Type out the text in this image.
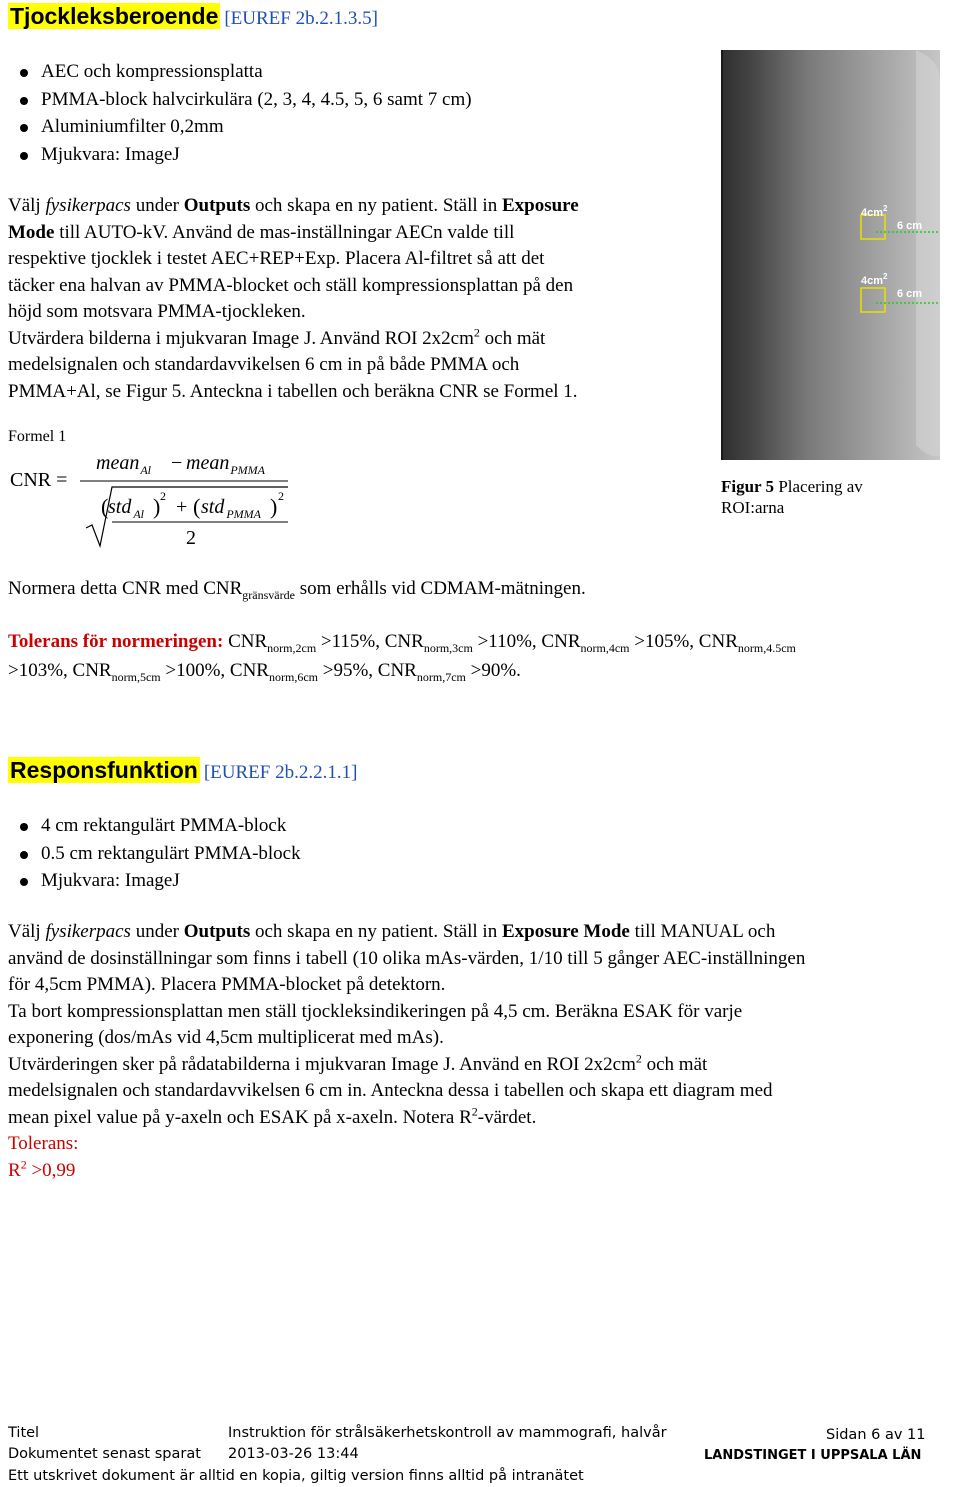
Tjockleksberoende [EUREF 2b.2.1.3.5]
AEC och kompressionsplatta
PMMA-block halvcirkulära (2, 3, 4, 4.5, 5, 6 samt 7 cm)
Aluminiumfilter 0,2mm
Mjukvara: ImageJ

Välj fysikerpacs under Outputs och skapa en ny patient. Ställ in Exposure

Mode till AUTO-kV. Använd de mas-inställningar AECn valde till

respektive tjocklek i testet AEC+REP+Exp. Placera Al-filtret så att det

täcker ena halvan av PMMA-blocket och ställ kompressionsplattan på den

höjd som motsvara PMMA-tjockleken.

Utvärdera bilderna i mjukvaran Image J. Använd ROI $2x2cm^2$ och mät

medelsignalen och standardavvikelsen 6 cm in på både PMMA och

PMMA+Al, se Figur 5. Anteckna i tabellen och beräkna CNR se Formel 1.

$4cm^2$
6 cm
$4cm^2$
6 cm
Figur 5 Placering av
ROI:arna
Formel 1
CNR =
mean$_{Al}$ − mean$_{PMMA}$
( std $_{Al}$ ) 2 + ( std $_{PMMA}$ ) 2
2
Normera detta CNR med $CNR_{gränsvärde}$ som erhålls vid CDMAM-mätningen.

Tolerans för normeringen: $CNR_{norm,2cm} >115\%$, $CNR_{norm,3cm} >110\%$, $CNR_{norm,4cm} >105\%$, $CNR_{norm,4.5cm}$

>103%, $CNR_{norm,5cm} >100\%$, $CNR_{norm,6cm} >95\%$, $CNR_{norm,7cm} >90\%$.

Responsfunktion [EUREF 2b.2.2.1.1]
4 cm rektangulärt PMMA-block
0.5 cm rektangulärt PMMA-block
Mjukvara: ImageJ

Välj fysikerpacs under Outputs och skapa en ny patient. Ställ in Exposure Mode till MANUAL och

använd de dosinställningar som finns i tabell (10 olika mAs-värden, 1/10 till 5 gånger AEC-inställningen

för 4,5cm PMMA). Placera PMMA-blocket på detektorn.

Ta bort kompressionsplattan men ställ tjockleksindikeringen på 4,5 cm. Beräkna ESAK för varje

exponering (dos/mAs vid 4,5cm multiplicerat med mAs).

Utvärderingen sker på rådatabilderna i mjukvaran Image J. Använd en ROI $2x2cm^2$ och mät

medelsignalen och standardavvikelsen 6 cm in. Anteckna dessa i tabellen och skapa ett diagram med

mean pixel value på y-axeln och ESAK på x-axeln. Notera $R^2$-värdet.

Tolerans:

$R^2 >0,99$

Titel	Instruktion för strålsäkerhetskontroll av mammografi, halvår	Sidan 6 av 11
Dokumentet senast sparat 2013-03-26 13:44	LANDSTINGET I UPPSALA LÄN
Ett utskrivet dokument är alltid en kopia, giltig version finns alltid på intranätet
